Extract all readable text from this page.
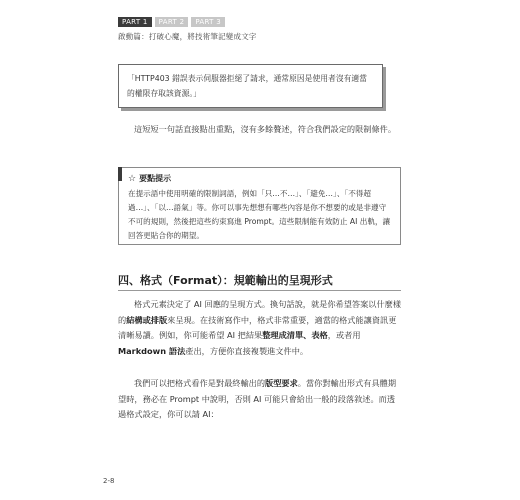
PART 1	PART 2	PART 3
啟動篇：打破心魔，將技術筆記變成文字
「HTTP403 錯誤表示伺服器拒絕了請求，通常原因是使用者沒有適當的權限存取該資源。」
這短短一句話直接點出重點，沒有多餘贅述，符合我們設定的限制條件。
☆ 要點提示
在提示語中使用明確的限制詞語，例如「只…不…」、「避免…」、「不得超過…」、「以…語氣」等。你可以事先想想有哪些內容是你不想要的或是非遵守不可的規則，然後把這些約束寫進 Prompt。這些限制能有效防止 AI 出軌，讓回答更貼合你的期望。
四、格式（Format）：規範輸出的呈現形式
格式元素決定了 AI 回應的呈現方式。換句話說，就是你希望答案以什麼樣的結構或排版來呈現。在技術寫作中，格式非常重要，適當的格式能讓資訊更清晰易讀。例如，你可能希望 AI 把結果整理成清單、表格，或者用 Markdown 語法產出，方便你直接複製進文件中。
我們可以把格式看作是對最終輸出的版型要求。當你對輸出形式有具體期望時，務必在 Prompt 中說明，否則 AI 可能只會給出一般的段落敘述。而透過格式設定，你可以請 AI：
2-8
